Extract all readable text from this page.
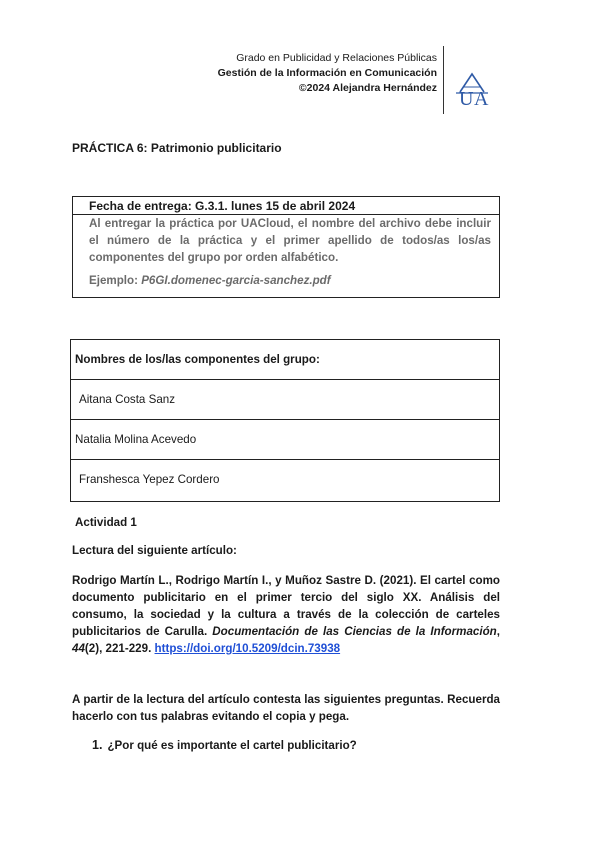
Grado en Publicidad y Relaciones Públicas
Gestión de la Información en Comunicación
©2024 Alejandra Hernández UA
PRÁCTICA 6: Patrimonio publicitario
Fecha de entrega: G.3.1. lunes 15 de abril 2024
Al entregar la práctica por UACloud, el nombre del archivo debe incluir el número de la práctica y el primer apellido de todos/as los/as componentes del grupo por orden alfabético.
Ejemplo: P6GI.domenec-garcia-sanchez.pdf
Nombres de los/las componentes del grupo:
Aitana Costa Sanz
Natalia Molina Acevedo
Franshesca Yepez Cordero
Actividad 1
Lectura del siguiente artículo:
Rodrigo Martín L., Rodrigo Martín I., y Muñoz Sastre D. (2021). El cartel como documento publicitario en el primer tercio del siglo XX. Análisis del consumo, la sociedad y la cultura a través de la colección de carteles publicitarios de Carulla. Documentación de las Ciencias de la Información, 44(2), 221-229. https://doi.org/10.5209/dcin.73938
A partir de la lectura del artículo contesta las siguientes preguntas. Recuerda hacerlo con tus palabras evitando el copia y pega.
1. ¿Por qué es importante el cartel publicitario?
